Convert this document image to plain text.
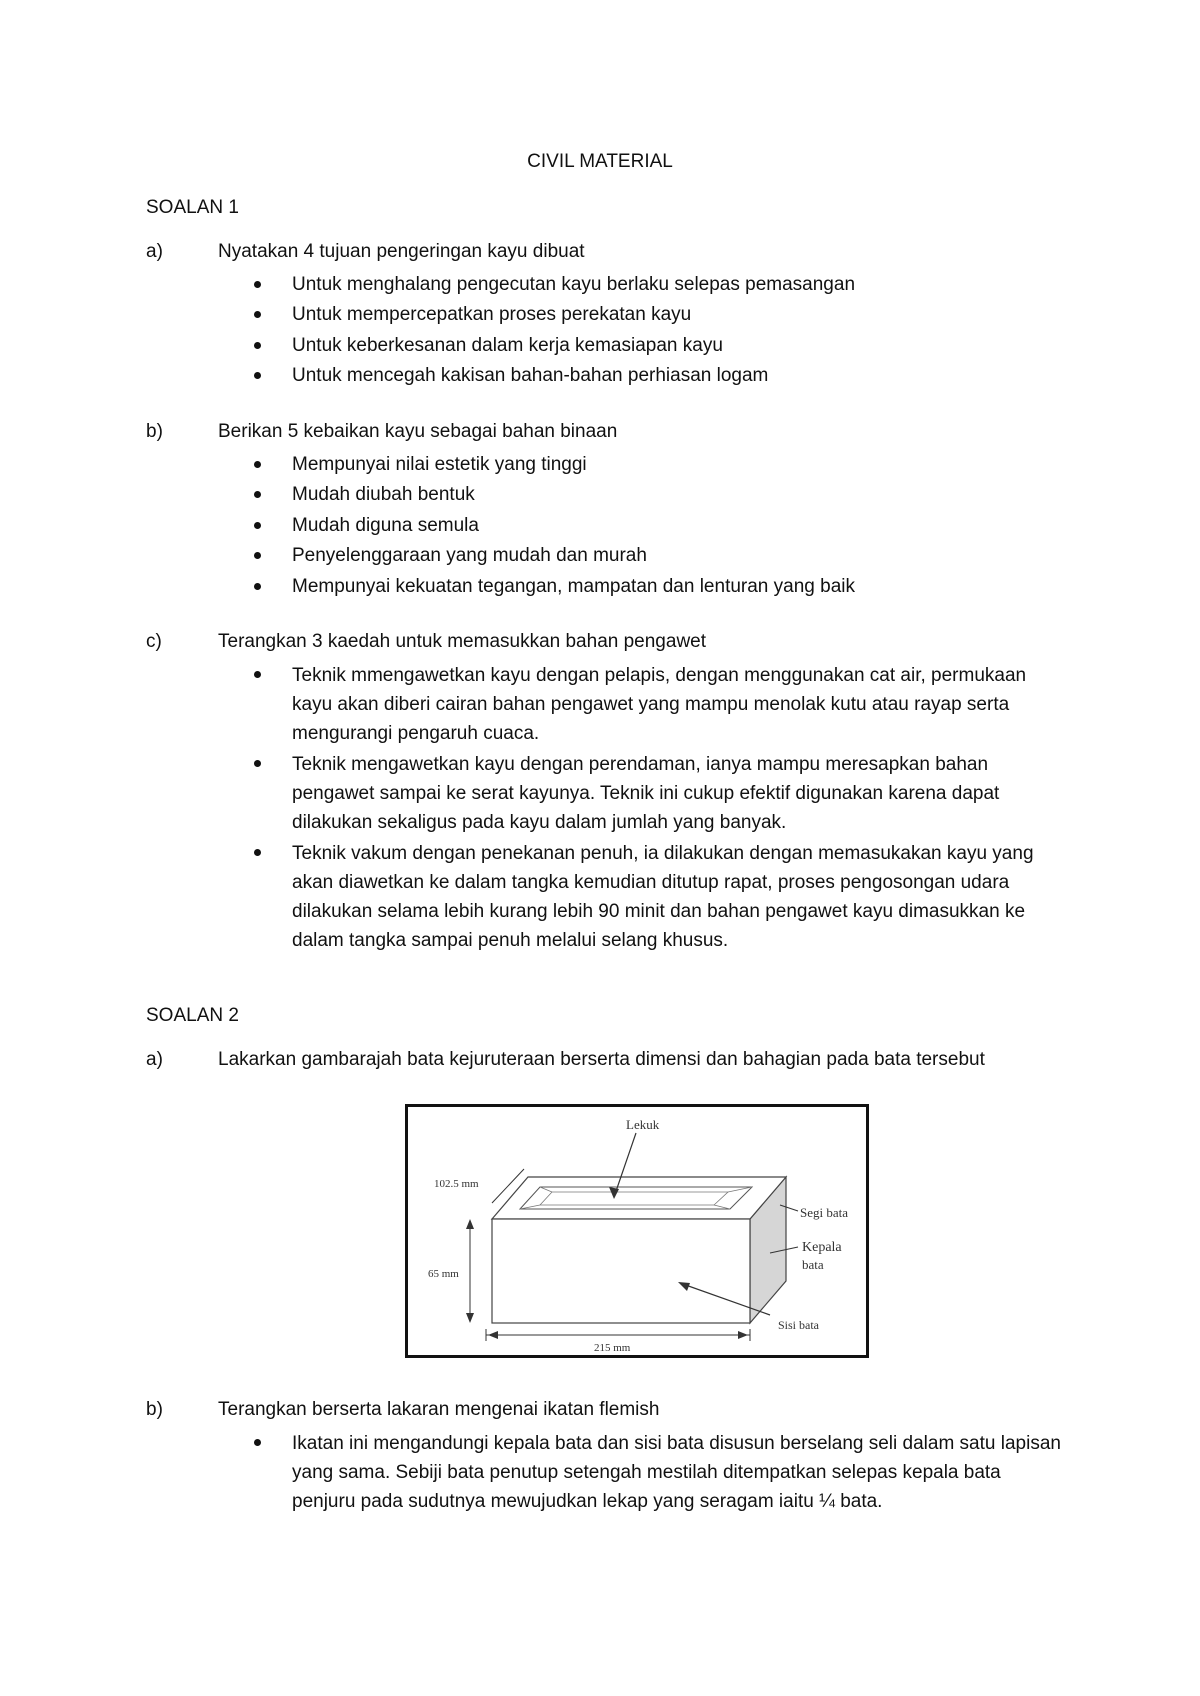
CIVIL MATERIAL
SOALAN 1
a)	Nyatakan 4 tujuan pengeringan kayu dibuat
Untuk menghalang pengecutan kayu berlaku selepas pemasangan
Untuk mempercepatkan proses perekatan kayu
Untuk keberkesanan dalam kerja kemasiapan kayu
Untuk mencegah kakisan bahan-bahan perhiasan logam
b)	Berikan 5 kebaikan kayu sebagai bahan binaan
Mempunyai nilai estetik yang tinggi
Mudah diubah bentuk
Mudah diguna semula
Penyelenggaraan yang mudah dan murah
Mempunyai kekuatan tegangan, mampatan dan lenturan yang baik
c)	Terangkan 3 kaedah untuk memasukkan bahan pengawet
Teknik mmengawetkan kayu dengan pelapis, dengan menggunakan cat air, permukaan kayu akan diberi cairan bahan pengawet yang mampu menolak kutu atau rayap serta mengurangi pengaruh cuaca.
Teknik mengawetkan kayu dengan perendaman, ianya mampu meresapkan bahan pengawet sampai ke serat kayunya. Teknik ini cukup efektif digunakan karena dapat dilakukan sekaligus pada kayu dalam jumlah yang banyak.
Teknik vakum dengan penekanan penuh, ia dilakukan dengan memasukakan kayu yang akan diawetkan ke dalam tangka kemudian ditutup rapat, proses pengosongan udara dilakukan selama lebih kurang lebih 90 minit dan bahan pengawet kayu dimasukkan ke dalam tangka sampai penuh melalui selang khusus.
SOALAN 2
a)	Lakarkan gambarajah bata kejuruteraan berserta dimensi dan bahagian pada bata tersebut
Lekuk
102.5 mm
65 mm
215 mm
Segi bata
Kepala
bata
Sisi bata
b)	Terangkan berserta lakaran mengenai ikatan flemish
Ikatan ini mengandungi kepala bata dan sisi bata disusun berselang seli dalam satu lapisan yang sama. Sebiji bata penutup setengah mestilah ditempatkan selepas kepala bata penjuru pada sudutnya mewujudkan lekap yang seragam iaitu ¼ bata.
